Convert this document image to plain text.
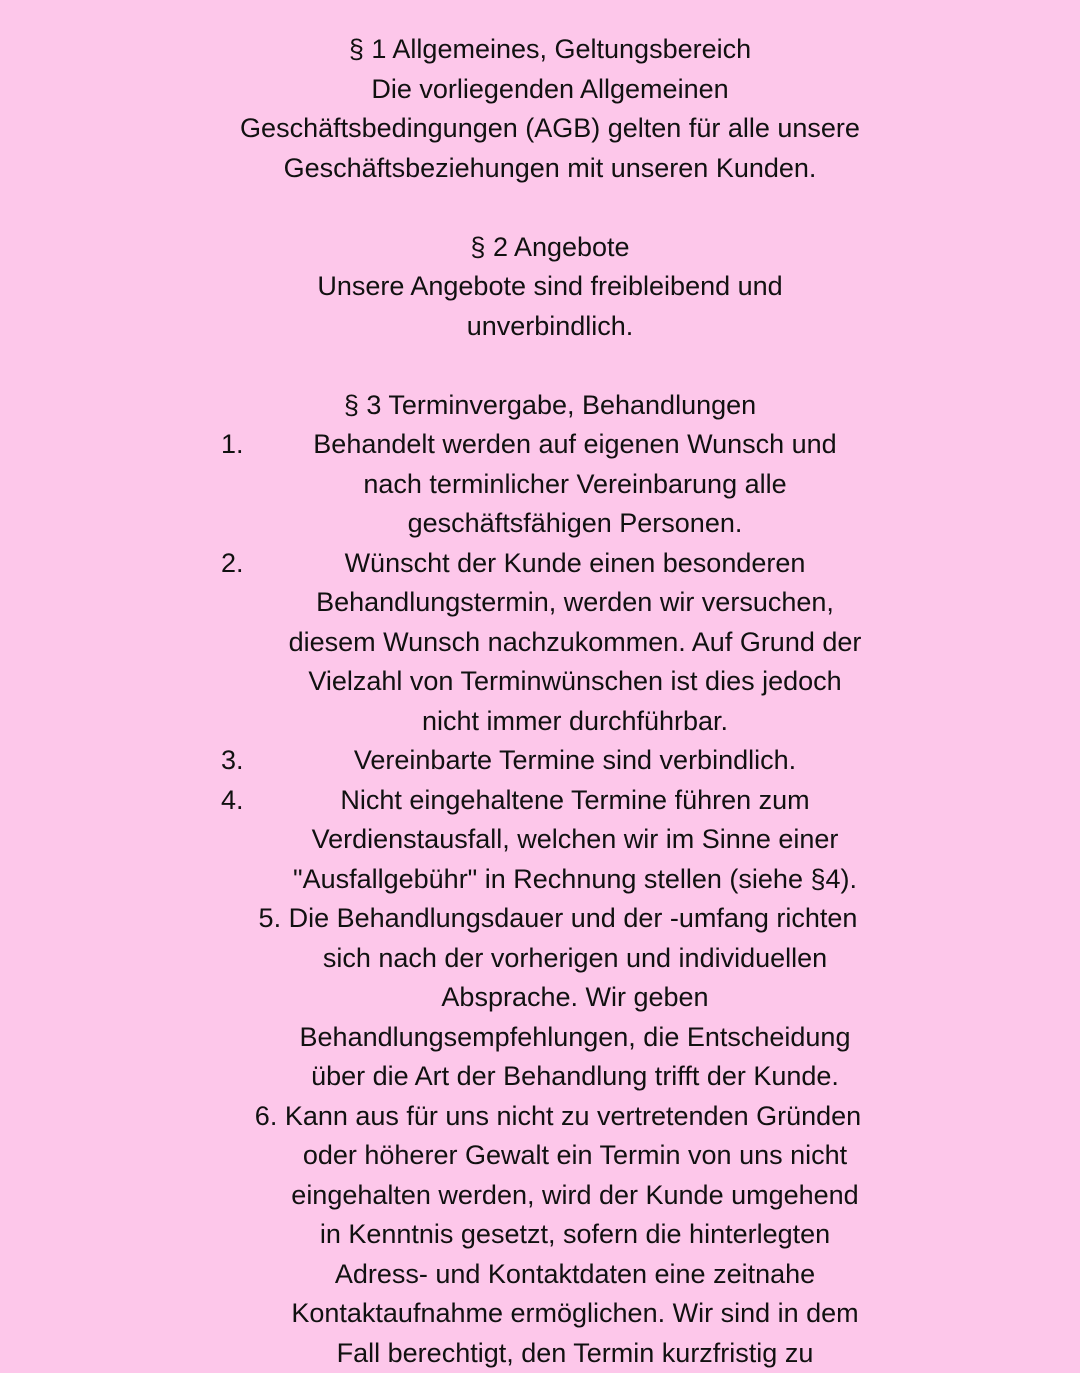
§ 1 Allgemeines, Geltungsbereich
Die vorliegenden Allgemeinen
Geschäftsbedingungen (AGB) gelten für alle unsere
Geschäftsbeziehungen mit unseren Kunden.
§ 2 Angebote
Unsere Angebote sind freibleibend und
unverbindlich.
§ 3 Terminvergabe, Behandlungen
1.	Behandelt werden auf eigenen Wunsch und
nach terminlicher Vereinbarung alle
geschäftsfähigen Personen.
2.	Wünscht der Kunde einen besonderen
Behandlungstermin, werden wir versuchen,
diesem Wunsch nachzukommen. Auf Grund der
Vielzahl von Terminwünschen ist dies jedoch
nicht immer durchführbar.
3.	Vereinbarte Termine sind verbindlich.
4.	Nicht eingehaltene Termine führen zum
Verdienstausfall, welchen wir im Sinne einer
"Ausfallgebühr" in Rechnung stellen (siehe §4).
5. Die Behandlungsdauer und der -umfang richten
sich nach der vorherigen und individuellen
Absprache. Wir geben
Behandlungsempfehlungen, die Entscheidung
über die Art der Behandlung trifft der Kunde.
6. Kann aus für uns nicht zu vertretenden Gründen
oder höherer Gewalt ein Termin von uns nicht
eingehalten werden, wird der Kunde umgehend
in Kenntnis gesetzt, sofern die hinterlegten
Adress- und Kontaktdaten eine zeitnahe
Kontaktaufnahme ermöglichen. Wir sind in dem
Fall berechtigt, den Termin kurzfristig zu
